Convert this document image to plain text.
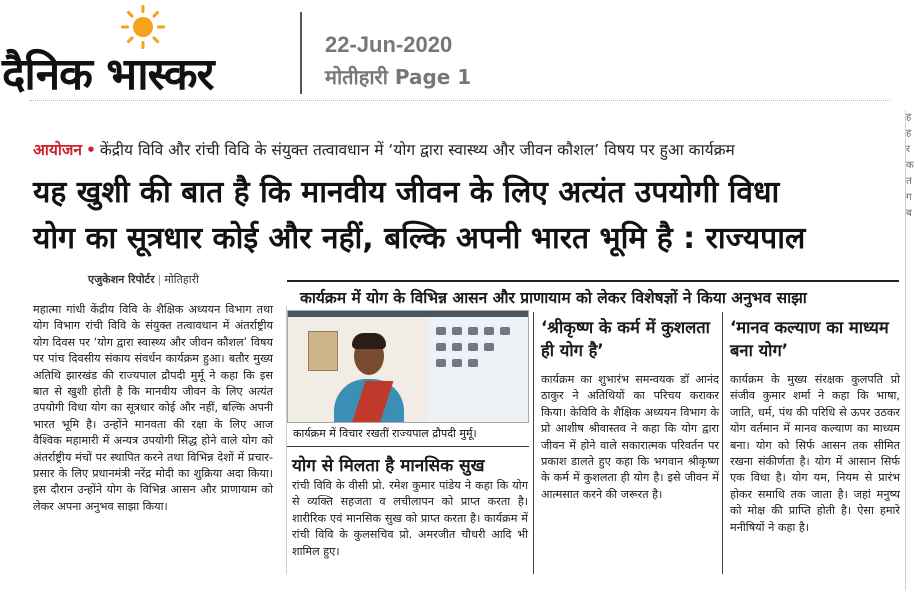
दैनिक भास्कर
22-Jun-2020
मोतीहारी Page 1
आयोजन • केंद्रीय विवि और रांची विवि के संयुक्त तत्वावधान में ‘योग द्वारा स्वास्थ्य और जीवन कौशल’ विषय पर हुआ कार्यक्रम
यह खुशी की बात है कि मानवीय जीवन के लिए अत्यंत उपयोगी विधा
योग का सूत्रधार कोई और नहीं, बल्कि अपनी भारत भूमि है : राज्यपाल
एजुकेशन रिपोर्टर | मोतिहारी
कार्यक्रम में योग के विभिन्न आसन और प्राणायाम को लेकर विशेषज्ञों ने किया अनुभव साझा

महात्मा गांधी केंद्रीय विवि के शैक्षिक अध्ययन विभाग तथा योग विभाग रांची विवि के संयुक्त तत्वावधान में अंतर्राष्ट्रीय योग दिवस पर ‘योग द्वारा स्वास्थ्य और जीवन कौशल’ विषय पर पांच दिवसीय संकाय संवर्धन कार्यक्रम हुआ। बतौर मुख्य अतिथि झारखंड की राज्यपाल द्रौपदी मुर्मू ने कहा कि इस बात से खुशी होती है कि मानवीय जीवन के लिए अत्यंत उपयोगी विधा योग का सूत्रधार कोई और नहीं, बल्कि अपनी भारत भूमि है। उन्होंने मानवता की रक्षा के लिए आज वैश्विक महामारी में अन्यत्र उपयोगी सिद्ध होने वाले योग को अंतर्राष्ट्रीय मंचों पर स्थापित करने तथा विभिन्न देशों में प्रचार-प्रसार के लिए प्रधानमंत्री नरेंद्र मोदी का शुक्रिया अदा किया। इस दौरान उन्होंने योग के विभिन्न आसन और प्राणायाम को लेकर अपना अनुभव साझा किया।

कार्यक्रम में विचार रखतीं राज्यपाल द्रौपदी मुर्मू।
योग से मिलता है मानसिक सुख

रांची विवि के वीसी प्रो. रमेश कुमार पांडेय ने कहा कि योग से व्यक्ति सहजता व लचीलापन को प्राप्त करता है। शारीरिक एवं मानसिक सुख को प्राप्त करता है। कार्यक्रम में रांची विवि के कुलसचिव प्रो. अमरजीत चौधरी आदि भी शामिल हुए।

‘श्रीकृष्ण के कर्म में कुशलता ही योग है’

कार्यक्रम का शुभारंभ समन्वयक डॉ आनंद ठाकुर ने अतिथियों का परिचय कराकर किया। केविवि के शैक्षिक अध्ययन विभाग के प्रो आशीष श्रीवास्तव ने कहा कि योग द्वारा जीवन में होने वाले सकारात्मक परिवर्तन पर प्रकाश डालते हुए कहा कि भगवान श्रीकृष्ण के कर्म में कुशलता ही योग है। इसे जीवन में आत्मसात करने की जरूरत है।

‘मानव कल्याण का माध्यम बना योग’

कार्यक्रम के मुख्य संरक्षक कुलपति प्रो संजीव कुमार शर्मा ने कहा कि भाषा, जाति, धर्म, पंथ की परिधि से ऊपर उठकर योग वर्तमान में मानव कल्याण का माध्यम बना। योग को सिर्फ आसन तक सीमित रखना संकीर्णता है। योग में आसान सिर्फ एक विधा है। योग यम, नियम से प्रारंभ होकर समाधि तक जाता है। जहां मनुष्य को मोक्ष की प्राप्ति होती है। ऐसा हमारे मनीषियों ने कहा है।

ह
ह
र
क
त
ग
ब
